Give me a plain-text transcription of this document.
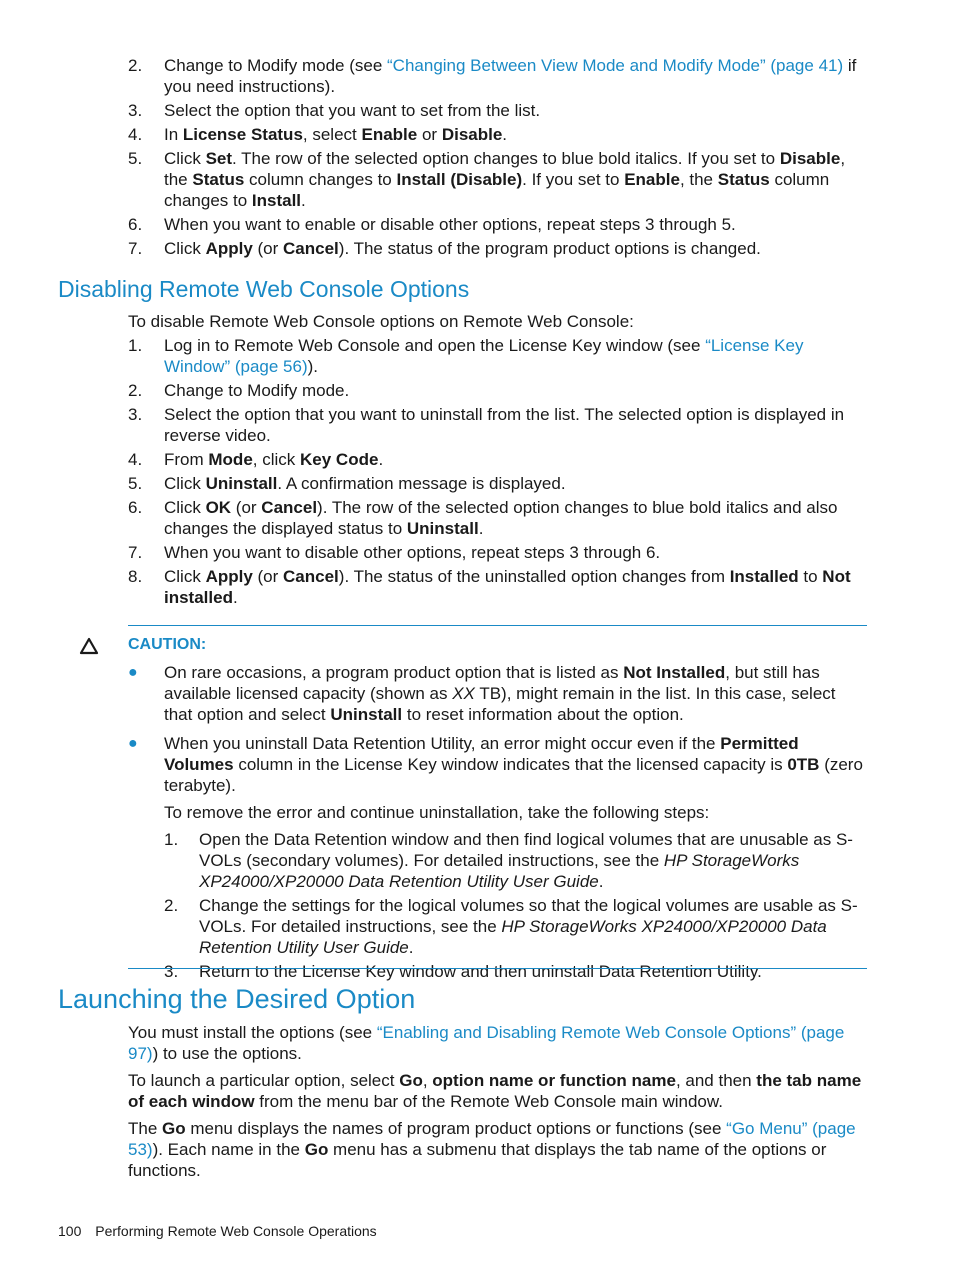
2. Change to Modify mode (see “Changing Between View Mode and Modify Mode” (page 41) if you need instructions).
3. Select the option that you want to set from the list.
4. In License Status, select Enable or Disable.
5. Click Set. The row of the selected option changes to blue bold italics. If you set to Disable, the Status column changes to Install (Disable). If you set to Enable, the Status column changes to Install.
6. When you want to enable or disable other options, repeat steps 3 through 5.
7. Click Apply (or Cancel). The status of the program product options is changed.
Disabling Remote Web Console Options

To disable Remote Web Console options on Remote Web Console:

1. Log in to Remote Web Console and open the License Key window (see “License Key Window” (page 56)).
2. Change to Modify mode.
3. Select the option that you want to uninstall from the list. The selected option is displayed in reverse video.
4. From Mode, click Key Code.
5. Click Uninstall. A confirmation message is displayed.
6. Click OK (or Cancel). The row of the selected option changes to blue bold italics and also changes the displayed status to Uninstall.
7. When you want to disable other options, repeat steps 3 through 6.
8. Click Apply (or Cancel). The status of the uninstalled option changes from Installed to Not installed.
CAUTION:
● On rare occasions, a program product option that is listed as Not Installed, but still has available licensed capacity (shown as XX TB), might remain in the list. In this case, select that option and select Uninstall to reset information about the option.
● When you uninstall Data Retention Utility, an error might occur even if the Permitted Volumes column in the License Key window indicates that the licensed capacity is 0TB (zero terabyte).

To remove the error and continue uninstallation, take the following steps:

1. Open the Data Retention window and then find logical volumes that are unusable as S-VOLs (secondary volumes). For detailed instructions, see the HP StorageWorks XP24000/XP20000 Data Retention Utility User Guide.
2. Change the settings for the logical volumes so that the logical volumes are usable as S-VOLs. For detailed instructions, see the HP StorageWorks XP24000/XP20000 Data Retention Utility User Guide.
3. Return to the License Key window and then uninstall Data Retention Utility.
Launching the Desired Option

You must install the options (see “Enabling and Disabling Remote Web Console Options” (page 97)) to use the options.

To launch a particular option, select Go, option name or function name, and then the tab name of each window from the menu bar of the Remote Web Console main window.

The Go menu displays the names of program product options or functions (see “Go Menu” (page 53)). Each name in the Go menu has a submenu that displays the tab name of the options or functions.

100 Performing Remote Web Console Operations
